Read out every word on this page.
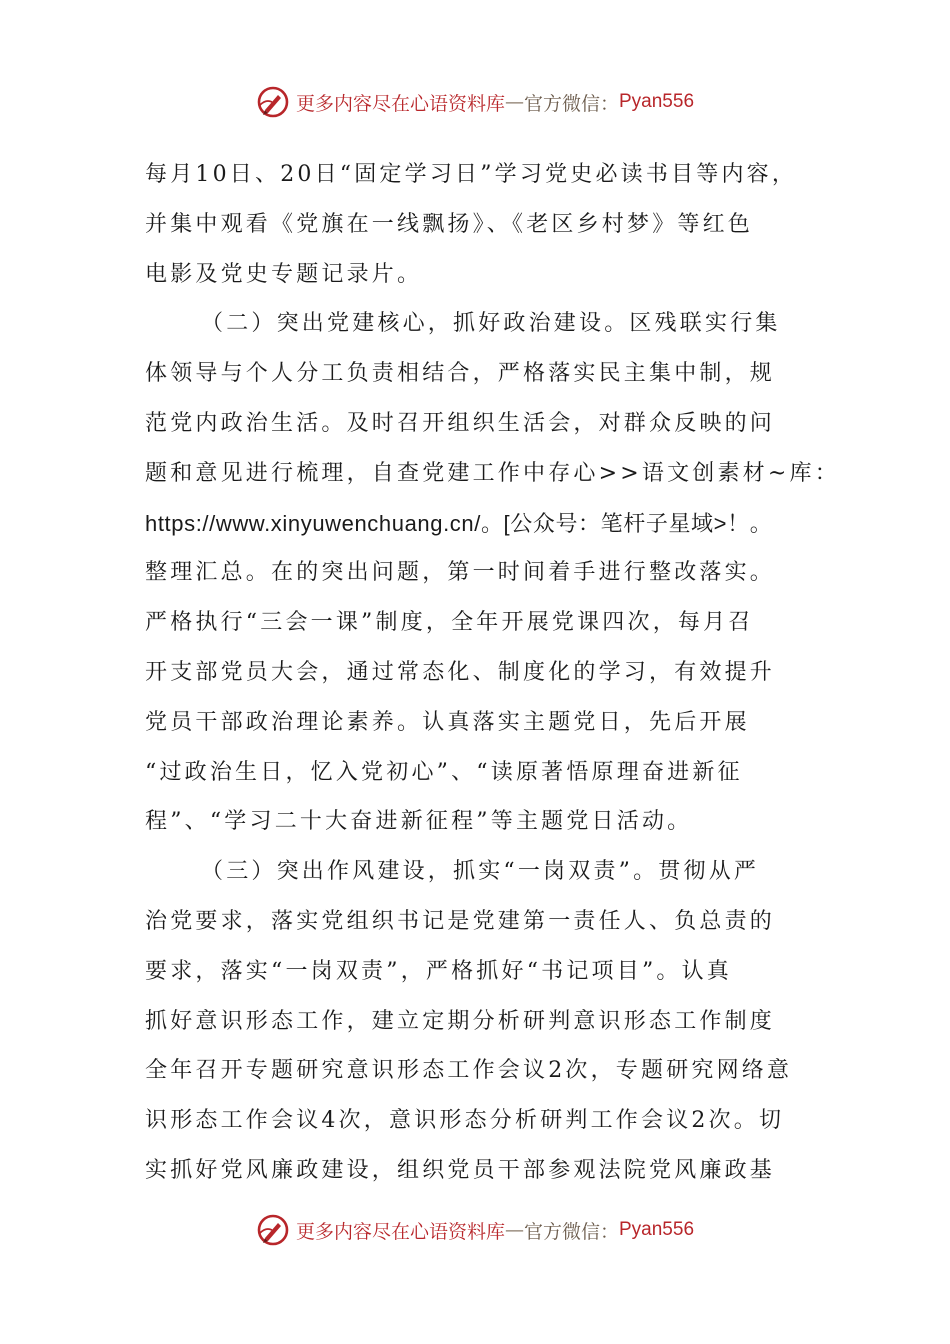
更多内容尽在心语资料库 — 官方微信： Pyan556
每月10日、20日“固定学习日”学习党史必读书目等内容，
并集中观看《党旗在一线飘扬》、《老区乡村梦》等红色
电影及党史专题记录片。
（二）突出党建核心，抓好政治建设。区残联实行集
体领导与个人分工负责相结合，严格落实民主集中制，规
范党内政治生活。及时召开组织生活会，对群众反映的问
题和意见进行梳理，自查党建工作中存心>>语文创素材~库：
https://www.xinyuwenchuang.cn/。[公众号：笔杆子星域>！。
整理汇总。在的突出问题，第一时间着手进行整改落实。
严格执行“三会一课”制度，全年开展党课四次，每月召
开支部党员大会，通过常态化、制度化的学习，有效提升
党员干部政治理论素养。认真落实主题党日，先后开展
“过政治生日，忆入党初心”、“读原著悟原理奋进新征
程”、“学习二十大奋进新征程”等主题党日活动。
（三）突出作风建设，抓实“一岗双责”。贯彻从严
治党要求，落实党组织书记是党建第一责任人、负总责的
要求，落实“一岗双责”，严格抓好“书记项目”。认真
抓好意识形态工作，建立定期分析研判意识形态工作制度
全年召开专题研究意识形态工作会议2次，专题研究网络意
识形态工作会议4次，意识形态分析研判工作会议2次。切
实抓好党风廉政建设，组织党员干部参观法院党风廉政基
更多内容尽在心语资料库 — 官方微信： Pyan556
